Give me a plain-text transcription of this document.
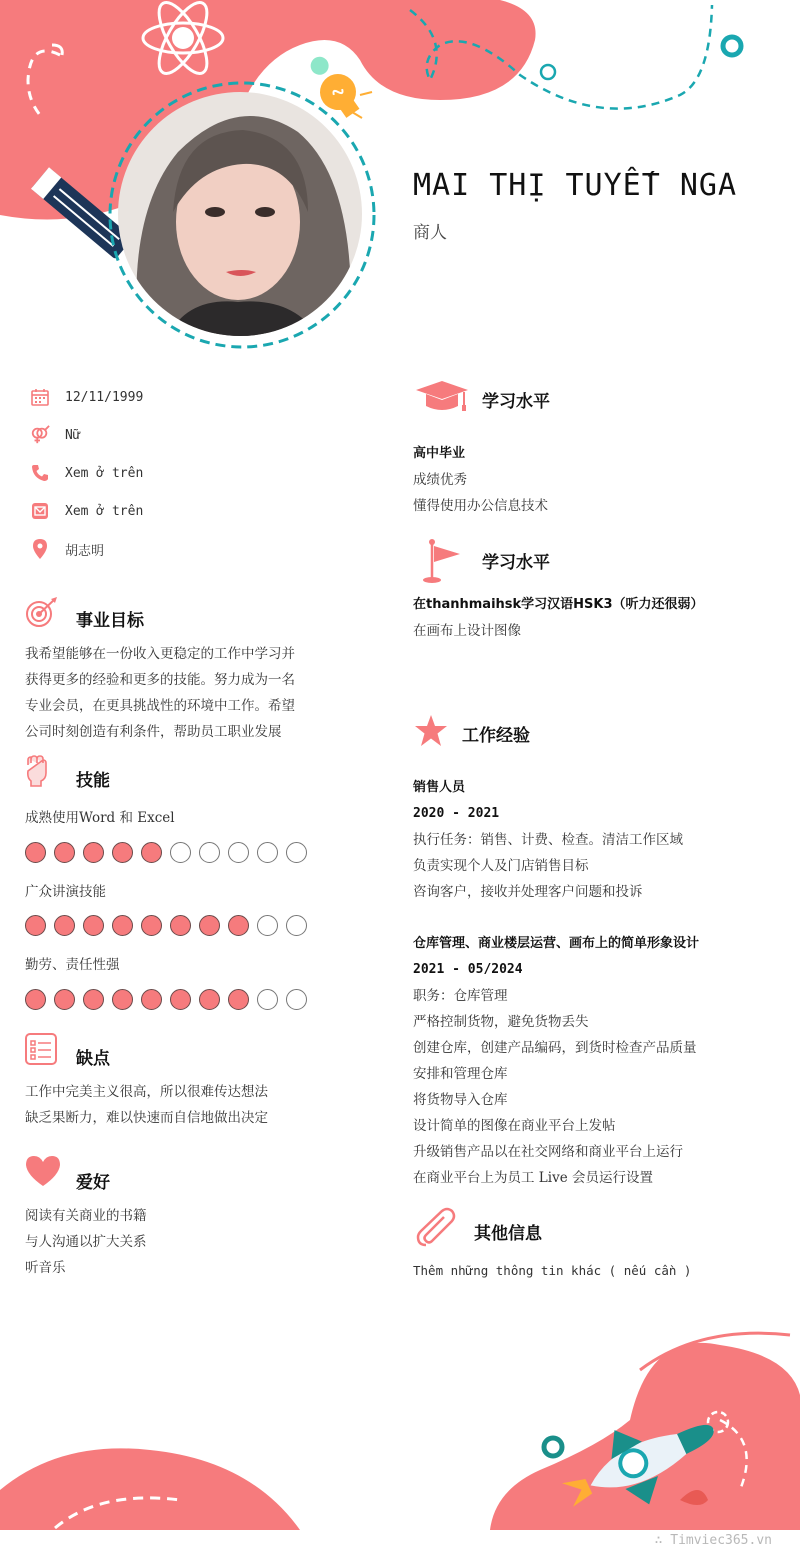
MAI THỊ TUYẾT NGA
商人
12/11/1999
Nữ
Xem ở trên
Xem ở trên
胡志明
事业目标
我希望能够在一份收入更稳定的工作中学习并
获得更多的经验和更多的技能。努力成为一名
专业会员，在更具挑战性的环境中工作。希望
公司时刻创造有利条件，帮助员工职业发展
技能
成熟使用Word 和 Excel
广众讲演技能
勤劳、责任性强
缺点
工作中完美主义很高，所以很难传达想法
缺乏果断力，难以快速而自信地做出决定
爱好
阅读有关商业的书籍
与人沟通以扩大关系
听音乐
学习水平
高中毕业
成绩优秀
懂得使用办公信息技术
学习水平
在thanhmaihsk学习汉语HSK3（听力还很弱）
在画布上设计图像
工作经验
销售人员
2020 - 2021
执行任务：销售、计费、检查。清洁工作区域
负责实现个人及门店销售目标
咨询客户，接收并处理客户问题和投诉
仓库管理、商业楼层运营、画布上的简单形象设计
2021 - 05/2024
职务：仓库管理
严格控制货物，避免货物丢失
创建仓库，创建产品编码，到货时检查产品质量
安排和管理仓库
将货物导入仓库
设计简单的图像在商业平台上发帖
升级销售产品以在社交网络和商业平台上运行
在商业平台上为员工 Live 会员运行设置
其他信息
Thêm những thông tin khác ( nếu cần )
∴ Timviec365.vn
